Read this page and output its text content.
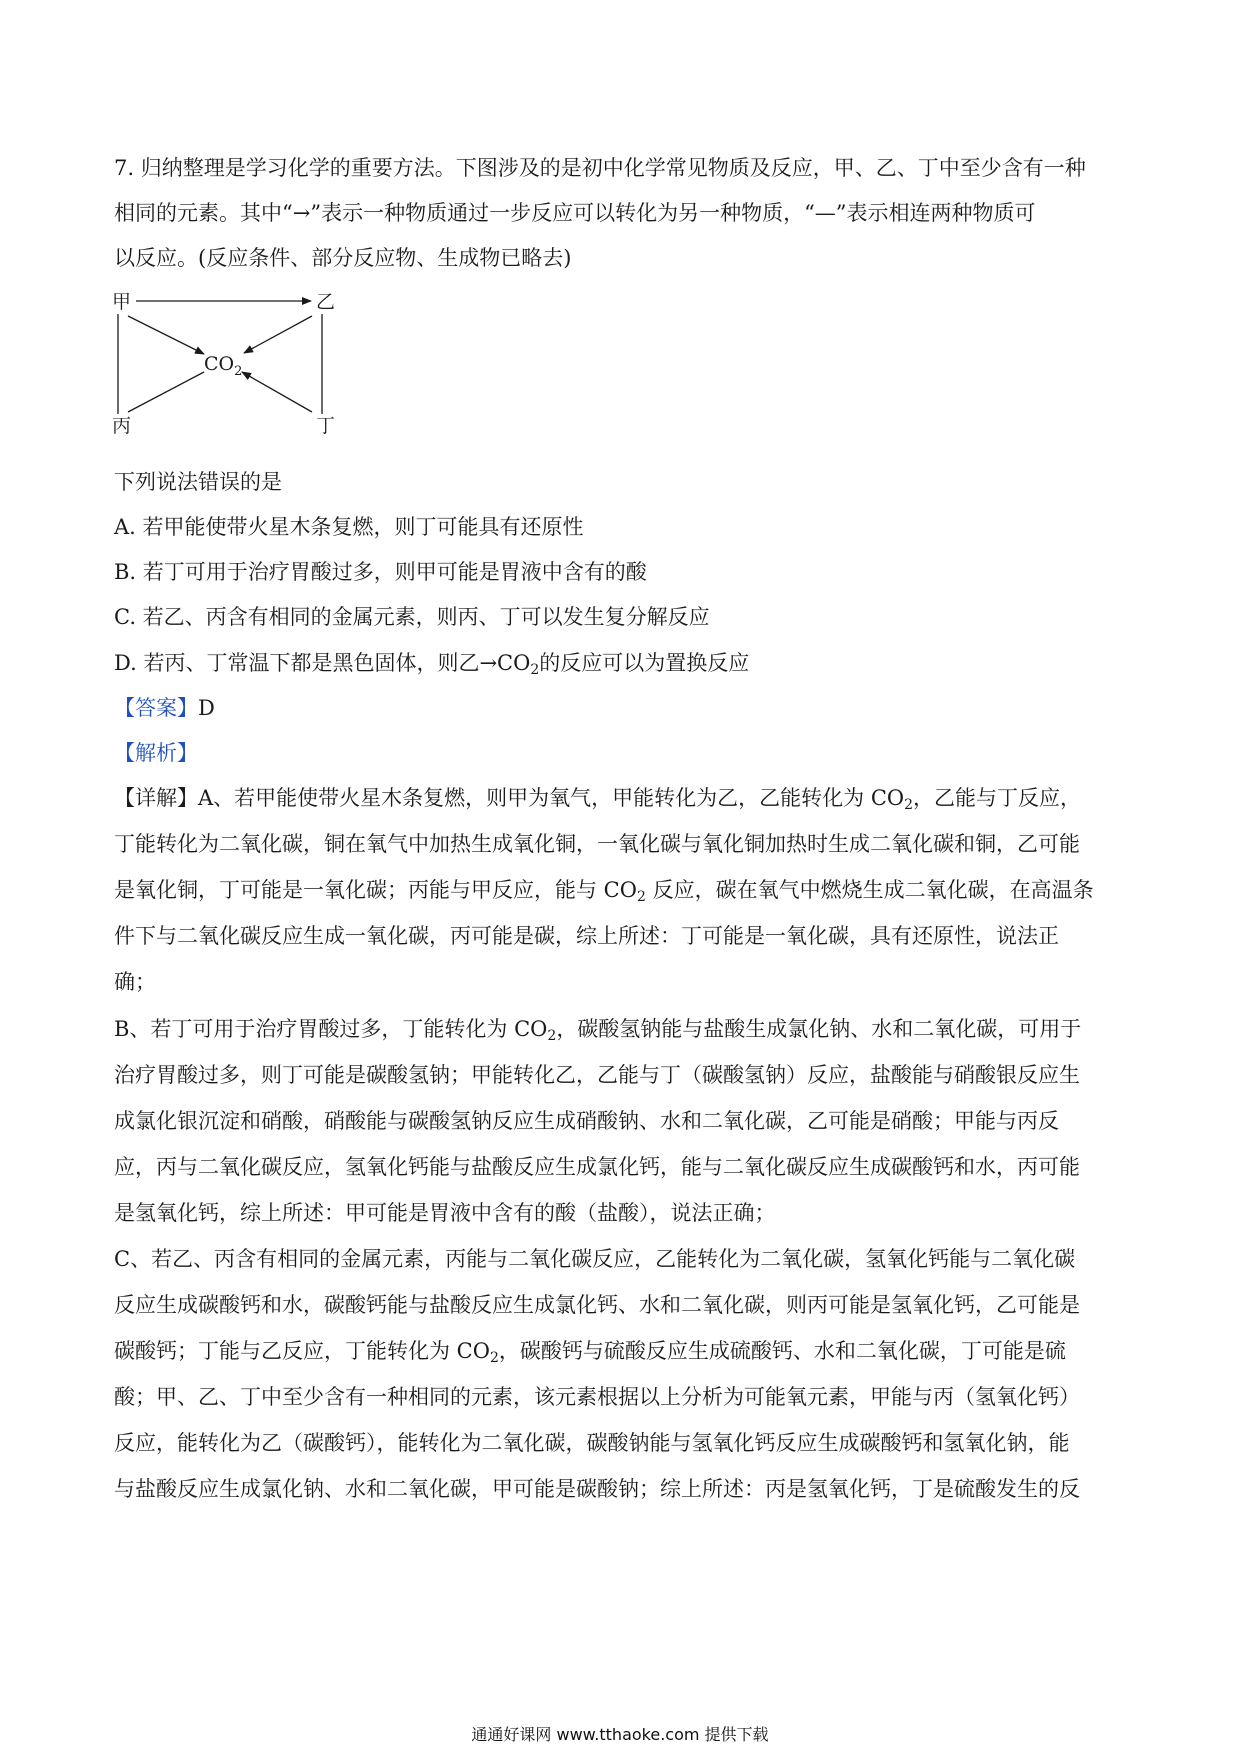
7. 归纳整理是学习化学的重要方法。下图涉及的是初中化学常见物质及反应，甲、乙、丁中至少含有一种
相同的元素。其中“→”表示一种物质通过一步反应可以转化为另一种物质，“—”表示相连两种物质可
以反应。(反应条件、部分反应物、生成物已略去)
甲	乙
丙	丁
$CO_2$
下列说法错误的是
A. 若甲能使带火星木条复燃，则丁可能具有还原性
B. 若丁可用于治疗胃酸过多，则甲可能是胃液中含有的酸
C. 若乙、丙含有相同的金属元素，则丙、丁可以发生复分解反应
D. 若丙、丁常温下都是黑色固体，则乙$\to CO_2$的反应可以为置换反应
【答案】D
【解析】
【详解】A、若甲能使带火星木条复燃，则甲为氧气，甲能转化为乙，乙能转化为 $CO_2$，乙能与丁反应，
丁能转化为二氧化碳，铜在氧气中加热生成氧化铜，一氧化碳与氧化铜加热时生成二氧化碳和铜，乙可能
是氧化铜，丁可能是一氧化碳；丙能与甲反应，能与 $CO_2$ 反应，碳在氧气中燃烧生成二氧化碳，在高温条
件下与二氧化碳反应生成一氧化碳，丙可能是碳，综上所述：丁可能是一氧化碳，具有还原性，说法正
确；
B、若丁可用于治疗胃酸过多，丁能转化为 $CO_2$，碳酸氢钠能与盐酸生成氯化钠、水和二氧化碳，可用于
治疗胃酸过多，则丁可能是碳酸氢钠；甲能转化乙，乙能与丁（碳酸氢钠）反应，盐酸能与硝酸银反应生
成氯化银沉淀和硝酸，硝酸能与碳酸氢钠反应生成硝酸钠、水和二氧化碳，乙可能是硝酸；甲能与丙反
应，丙与二氧化碳反应，氢氧化钙能与盐酸反应生成氯化钙，能与二氧化碳反应生成碳酸钙和水，丙可能
是氢氧化钙，综上所述：甲可能是胃液中含有的酸（盐酸），说法正确；
C、若乙、丙含有相同的金属元素，丙能与二氧化碳反应，乙能转化为二氧化碳，氢氧化钙能与二氧化碳
反应生成碳酸钙和水，碳酸钙能与盐酸反应生成氯化钙、水和二氧化碳，则丙可能是氢氧化钙，乙可能是
碳酸钙；丁能与乙反应，丁能转化为 $CO_2$，碳酸钙与硫酸反应生成硫酸钙、水和二氧化碳，丁可能是硫
酸；甲、乙、丁中至少含有一种相同的元素，该元素根据以上分析为可能氧元素，甲能与丙（氢氧化钙）
反应，能转化为乙（碳酸钙），能转化为二氧化碳，碳酸钠能与氢氧化钙反应生成碳酸钙和氢氧化钠，能
与盐酸反应生成氯化钠、水和二氧化碳，甲可能是碳酸钠；综上所述：丙是氢氧化钙，丁是硫酸发生的反
通通好课网 www.tthaoke.com 提供下载
